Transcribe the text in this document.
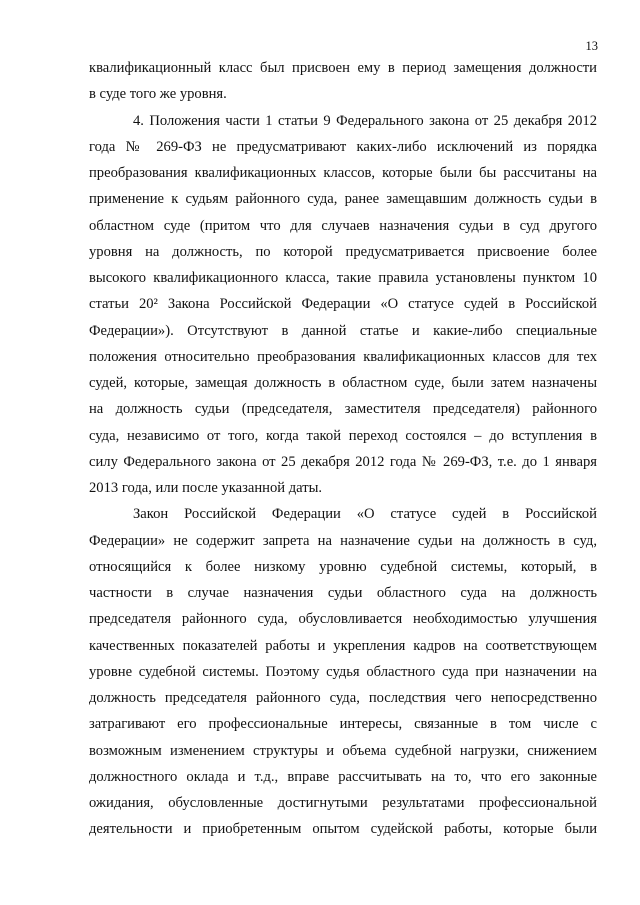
13
квалификационный класс был присвоен ему в период замещения должности
в суде того же уровня.
4. Положения части 1 статьи 9 Федерального закона от 25 декабря 2012
года № 269-ФЗ не предусматривают каких-либо исключений из порядка
преобразования квалификационных классов, которые были бы рассчитаны на
применение к судьям районного суда, ранее замещавшим должность судьи в
областном суде (притом что для случаев назначения судьи в суд другого
уровня на должность, по которой предусматривается присвоение более
высокого квалификационного класса, такие правила установлены пунктом 10
статьи 20² Закона Российской Федерации «О статусе судей в Российской
Федерации»). Отсутствуют в данной статье и какие-либо специальные
положения относительно преобразования квалификационных классов для тех
судей, которые, замещая должность в областном суде, были затем назначены
на должность судьи (председателя, заместителя председателя) районного
суда, независимо от того, когда такой переход состоялся – до вступления в
силу Федерального закона от 25 декабря 2012 года № 269-ФЗ, т.е. до 1 января
2013 года, или после указанной даты.
Закон Российской Федерации «О статусе судей в Российской
Федерации» не содержит запрета на назначение судьи на должность в суд,
относящийся к более низкому уровню судебной системы, который, в
частности в случае назначения судьи областного суда на должность
председателя районного суда, обусловливается необходимостью улучшения
качественных показателей работы и укрепления кадров на соответствующем
уровне судебной системы. Поэтому судья областного суда при назначении на
должность председателя районного суда, последствия чего непосредственно
затрагивают его профессиональные интересы, связанные в том числе с
возможным изменением структуры и объема судебной нагрузки, снижением
должностного оклада и т.д., вправе рассчитывать на то, что его законные
ожидания, обусловленные достигнутыми результатами профессиональной
деятельности и приобретенным опытом судейской работы, которые были
